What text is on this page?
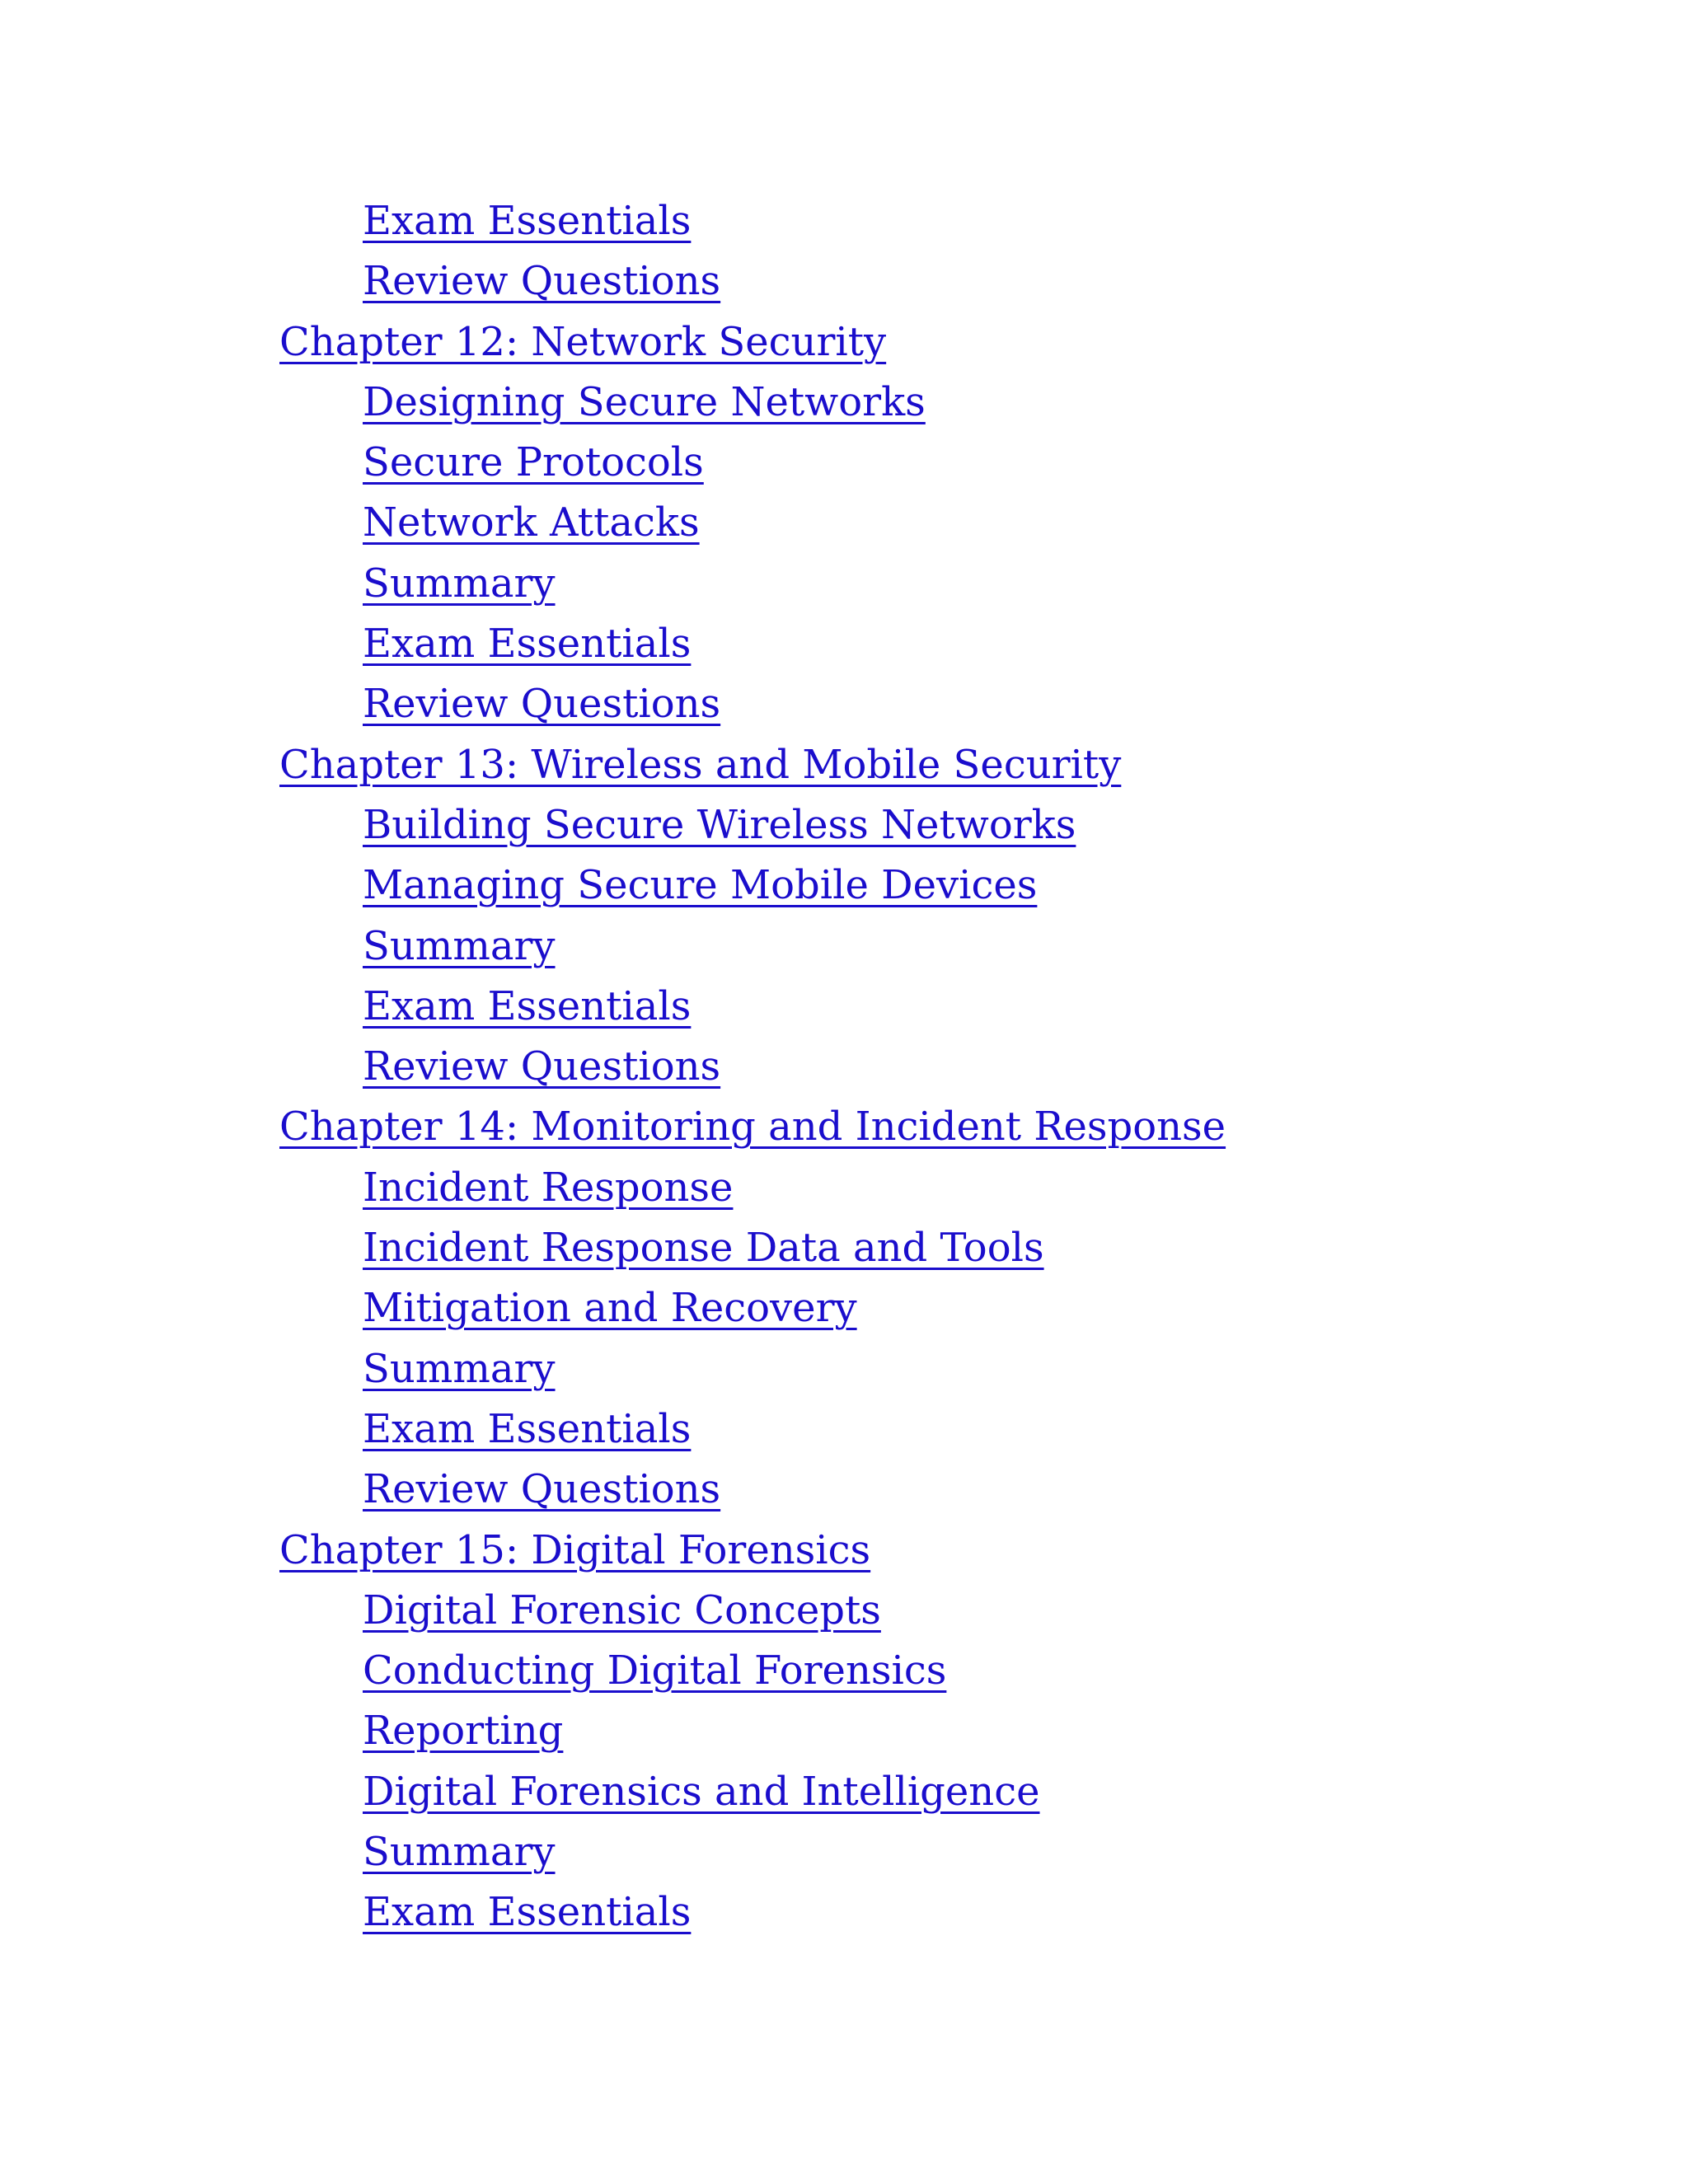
Exam Essentials
Review Questions
Chapter 12: Network Security
Designing Secure Networks
Secure Protocols
Network Attacks
Summary
Exam Essentials
Review Questions
Chapter 13: Wireless and Mobile Security
Building Secure Wireless Networks
Managing Secure Mobile Devices
Summary
Exam Essentials
Review Questions
Chapter 14: Monitoring and Incident Response
Incident Response
Incident Response Data and Tools
Mitigation and Recovery
Summary
Exam Essentials
Review Questions
Chapter 15: Digital Forensics
Digital Forensic Concepts
Conducting Digital Forensics
Reporting
Digital Forensics and Intelligence
Summary
Exam Essentials
